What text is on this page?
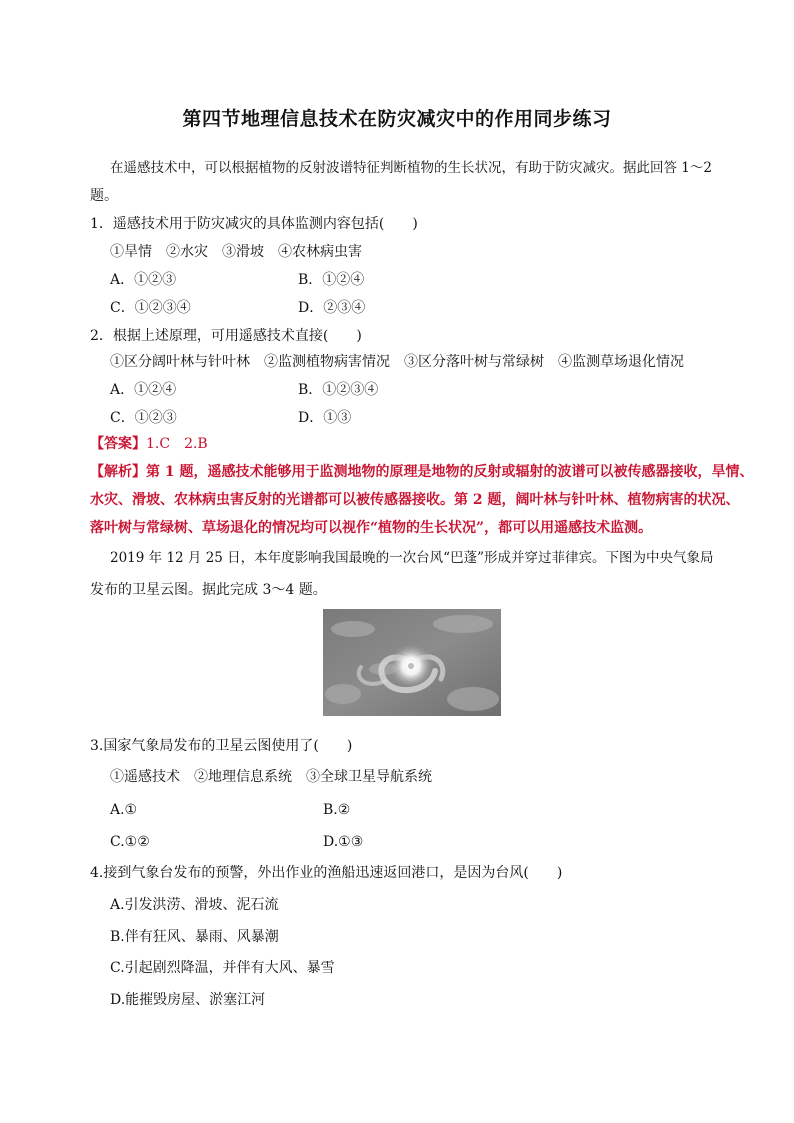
第四节地理信息技术在防灾减灾中的作用同步练习
在遥感技术中，可以根据植物的反射波谱特征判断植物的生长状况，有助于防灾减灾。据此回答 1～2
题。
1．遥感技术用于防灾减灾的具体监测内容包括(　　)
①旱情　②水灾　③滑坡　④农林病虫害
A．①②③	B．①②④
C．①②③④	D．②③④
2．根据上述原理，可用遥感技术直接(　　)
①区分阔叶林与针叶林　②监测植物病害情况　③区分落叶树与常绿树　④监测草场退化情况
A．①②④	B．①②③④
C．①②③	D．①③
【答案】1.C　2.B
【解析】第 1 题，遥感技术能够用于监测地物的原理是地物的反射或辐射的波谱可以被传感器接收，旱情、
水灾、滑坡、农林病虫害反射的光谱都可以被传感器接收。第 2 题，阔叶林与针叶林、植物病害的状况、
落叶树与常绿树、草场退化的情况均可以视作“植物的生长状况”，都可以用遥感技术监测。
2019 年 12 月 25 日，本年度影响我国最晚的一次台风“巴蓬”形成并穿过菲律宾。下图为中央气象局
发布的卫星云图。据此完成 3～4 题。
3.国家气象局发布的卫星云图使用了(　　)
①遥感技术　②地理信息系统　③全球卫星导航系统
A.①	B.②
C.①②	D.①③
4.接到气象台发布的预警，外出作业的渔船迅速返回港口，是因为台风(　　)
A.引发洪涝、滑坡、泥石流
B.伴有狂风、暴雨、风暴潮
C.引起剧烈降温，并伴有大风、暴雪
D.能摧毁房屋、淤塞江河
